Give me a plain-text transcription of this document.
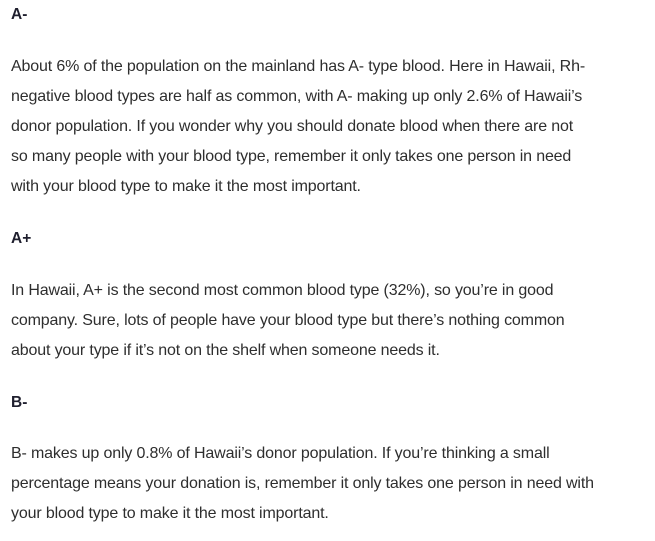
A-

About 6% of the population on the mainland has A- type blood. Here in Hawaii, Rh-
negative blood types are half as common, with A- making up only 2.6% of Hawaii’s
donor population. If you wonder why you should donate blood when there are not
so many people with your blood type, remember it only takes one person in need
with your blood type to make it the most important.

A+

In Hawaii, A+ is the second most common blood type (32%), so you’re in good
company. Sure, lots of people have your blood type but there’s nothing common
about your type if it’s not on the shelf when someone needs it.

B-

B- makes up only 0.8% of Hawaii’s donor population. If you’re thinking a small
percentage means your donation is, remember it only takes one person in need with
your blood type to make it the most important.
